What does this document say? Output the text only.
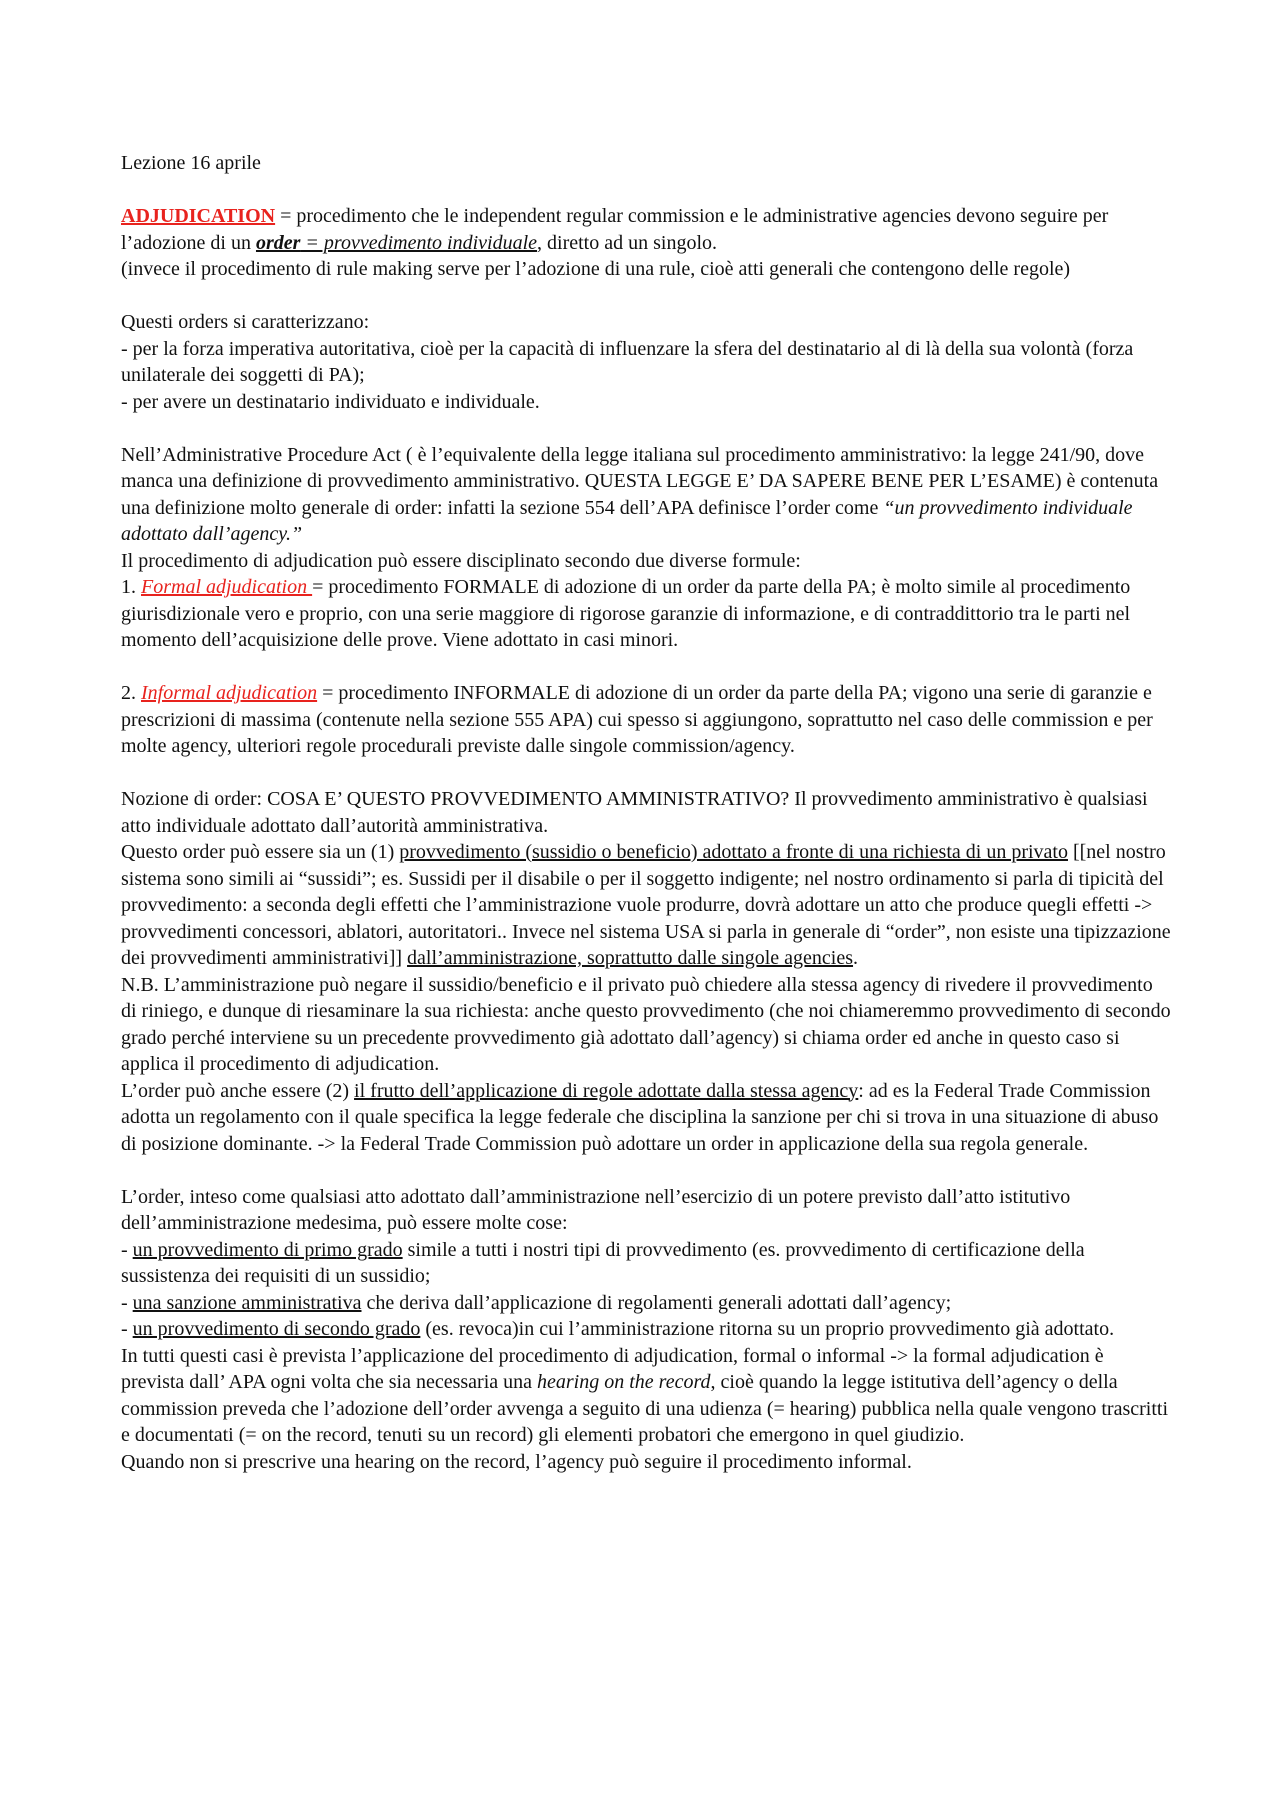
Lezione 16 aprile

ADJUDICATION = procedimento che le independent regular commission e le administrative agencies devono seguire per l’adozione di un order = provvedimento individuale, diretto ad un singolo.

(invece il procedimento di rule making serve per l’adozione di una rule, cioè atti generali che contengono delle regole)

Questi orders si caratterizzano:

- per la forza imperativa autoritativa, cioè per la capacità di influenzare la sfera del destinatario al di là della sua volontà (forza unilaterale dei soggetti di PA);

- per avere un destinatario individuato e individuale.

Nell’Administrative Procedure Act ( è l’equivalente della legge italiana sul procedimento amministrativo: la legge 241/90, dove manca una definizione di provvedimento amministrativo. QUESTA LEGGE E’ DA SAPERE BENE PER L’ESAME) è contenuta una definizione molto generale di order: infatti la sezione 554 dell’APA definisce l’order come “un provvedimento individuale adottato dall’agency.”

Il procedimento di adjudication può essere disciplinato secondo due diverse formule:

1. Formal adjudication = procedimento FORMALE di adozione di un order da parte della PA; è molto simile al procedimento giurisdizionale vero e proprio, con una serie maggiore di rigorose garanzie di informazione, e di contraddittorio tra le parti nel momento dell’acquisizione delle prove. Viene adottato in casi minori.

2. Informal adjudication = procedimento INFORMALE di adozione di un order da parte della PA; vigono una serie di garanzie e prescrizioni di massima (contenute nella sezione 555 APA) cui spesso si aggiungono, soprattutto nel caso delle commission e per molte agency, ulteriori regole procedurali previste dalle singole commission/agency.

Nozione di order: COSA E’ QUESTO PROVVEDIMENTO AMMINISTRATIVO? Il provvedimento amministrativo è qualsiasi atto individuale adottato dall’autorità amministrativa.

Questo order può essere sia un (1) provvedimento (sussidio o beneficio) adottato a fronte di una richiesta di un privato [[nel nostro sistema sono simili ai “sussidi”; es. Sussidi per il disabile o per il soggetto indigente; nel nostro ordinamento si parla di tipicità del provvedimento: a seconda degli effetti che l’amministrazione vuole produrre, dovrà adottare un atto che produce quegli effetti -> provvedimenti concessori, ablatori, autoritatori.. Invece nel sistema USA si parla in generale di “order”, non esiste una tipizzazione dei provvedimenti amministrativi]] dall’amministrazione, soprattutto dalle singole agencies.

N.B. L’amministrazione può negare il sussidio/beneficio e il privato può chiedere alla stessa agency di rivedere il provvedimento di riniego, e dunque di riesaminare la sua richiesta: anche questo provvedimento (che noi chiameremmo provvedimento di secondo grado perché interviene su un precedente provvedimento già adottato dall’agency) si chiama order ed anche in questo caso si applica il procedimento di adjudication.

L’order può anche essere (2) il frutto dell’applicazione di regole adottate dalla stessa agency: ad es la Federal Trade Commission adotta un regolamento con il quale specifica la legge federale che disciplina la sanzione per chi si trova in una situazione di abuso di posizione dominante. -> la Federal Trade Commission può adottare un order in applicazione della sua regola generale.

L’order, inteso come qualsiasi atto adottato dall’amministrazione nell’esercizio di un potere previsto dall’atto istitutivo dell’amministrazione medesima, può essere molte cose:

- un provvedimento di primo grado simile a tutti i nostri tipi di provvedimento (es. provvedimento di certificazione della sussistenza dei requisiti di un sussidio;

- una sanzione amministrativa che deriva dall’applicazione di regolamenti generali adottati dall’agency;

- un provvedimento di secondo grado (es. revoca)in cui l’amministrazione ritorna su un proprio provvedimento già adottato.

In tutti questi casi è prevista l’applicazione del procedimento di adjudication, formal o informal -> la formal adjudication è prevista dall’ APA ogni volta che sia necessaria una hearing on the record, cioè quando la legge istitutiva dell’agency o della commission preveda che l’adozione dell’order avvenga a seguito di una udienza (= hearing) pubblica nella quale vengono trascritti e documentati (= on the record, tenuti su un record) gli elementi probatori che emergono in quel giudizio.

Quando non si prescrive una hearing on the record, l’agency può seguire il procedimento informal.
